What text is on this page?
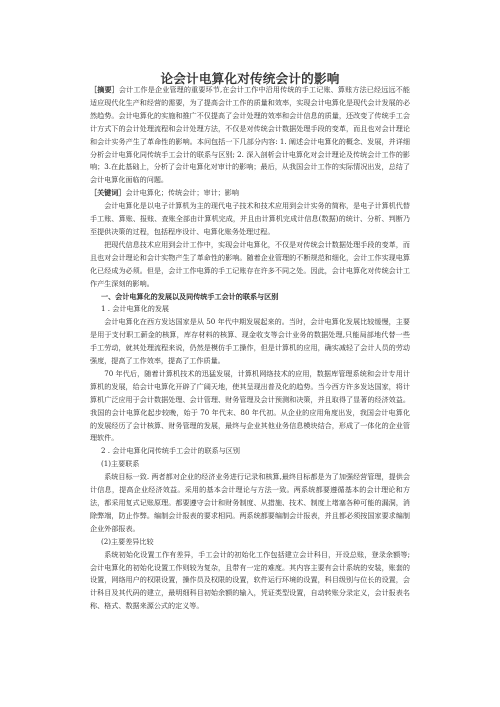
论会计电算化对传统会计的影响

［摘要］会计工作是企业管理的重要环节,在会计工作中沿用传统的手工记账、算账方法已经远远不能适应现代化生产和经营的需要，为了提高会计工作的质量和效率，实现会计电算化是现代会计发展的必然趋势。会计电算化的实施和推广不仅提高了会计处理的效率和会计信息的质量，还改变了传统手工会计方式下的会计处理流程和会计处理方法，不仅是对传统会计数据处理手段的变革，而且也对会计理论和会计实务产生了革命性的影响。本问包括一下几部分内容: 1. 阐述会计电算化的概念、发展，并详细分析会计电算化同传统手工会计的联系与区别; 2. 深入剖析会计电算化对会计理论及传统会计工作的影响；3.在此基础上，分析了会计电算化对审计的影响；最后，从我国会计工作的实际情况出发，总结了会计电算化面临的问题。

［关键词］会计电算化；传统会计；审计；影响

会计电算化是以电子计算机为主的现代电子技术和技术应用到会计实务的简称，是电子计算机代替手工账、算账、报账、查账全部由计算机完成，并且由计算机完成计信息(数据)的统计、分析、判断乃至提供决策的过程，包括程序设计、电算化账务处理过程。

把现代信息技术应用到会计工作中，实现会计电算化，不仅是对传统会计数据处理手段的变革，而且也对会计理论和会计实物产生了革命性的影响。随着企业管理的不断规范和细化，会计工作实现电算化已经成为必须。但是，会计工作电算的手工记账存在许多不同之处。因此，会计电算化对传统会计工作产生深刻的影响。

一、会计电算化的发展以及同传统手工会计的联系与区别

1 . 会计电算化的发展

会计电算化在西方发达国家是从 50 年代中期发展起来的。当时，会计电算化发展比较缓慢，主要是用于支付职工薪金的核算，库存材料的核算、现金收支等会计业务的数据处理,只能局部地代替一些手工劳动，就其处理流程来说，仍然是模仿手工操作，但是计算机的应用，确实减轻了会计人员的劳动强度，提高了工作效率，提高了工作质量。

70 年代后，随着计算机技术的迅猛发展，计算机网络技术的应用，数据库管理系统和会计专用计算机的发展，给会计电算化开辟了广阔天地，使其呈现出普及化的趋势。当今西方许多发达国家，将计算机广泛应用于会计数据处理、会计管理、财务管理及会计预测和决策，并且取得了显著的经济效益。我国的会计电算化起步较晚，始于 70 年代末、80 年代初。从企业的应用角度出发，我国会计电算化的发展经历了会计核算、财务管理的发展，最终与企业其他业务信息模块结合，形成了一体化的企业管理软件。

2 . 会计电算化同传统手工会计的联系与区别

(1)主要联系

系统目标一致. 两者都对企业的经济业务进行记录和核算,最终目标都是为了加强经营管理，提供会计信息，提高企业经济效益。采用的基本会计理论与方法一致。两系统都要遵循基本的会计理论和方法，都采用复式记账原理。都要遵守会计和财务制度、从措施、技术、制度上堵塞各种可能的漏洞，消除弊端，防止作弊。编制会计报表的要求相同。两系统都要编制会计报表，并且都必须按国家要求编制企业外部报表。

(2)主要差异比较

系统初始化设置工作有差异，手工会计的初始化工作包括建立会计科目，开设总账，登录余额等; 会计电算化的初始化设置工作则较为复杂，且带有一定的难度。其内容主要有会计系统的安装，账套的设置，网络用户的权限设置，操作员及权限的设置，软件运行环境的设置，科目级别与位长的设置，会计科目及其代码的建立，最明细科目初始余额的输入，凭证类型设置，自动转账分录定义，会计报表名称、格式、数据来源公式的定义等。
